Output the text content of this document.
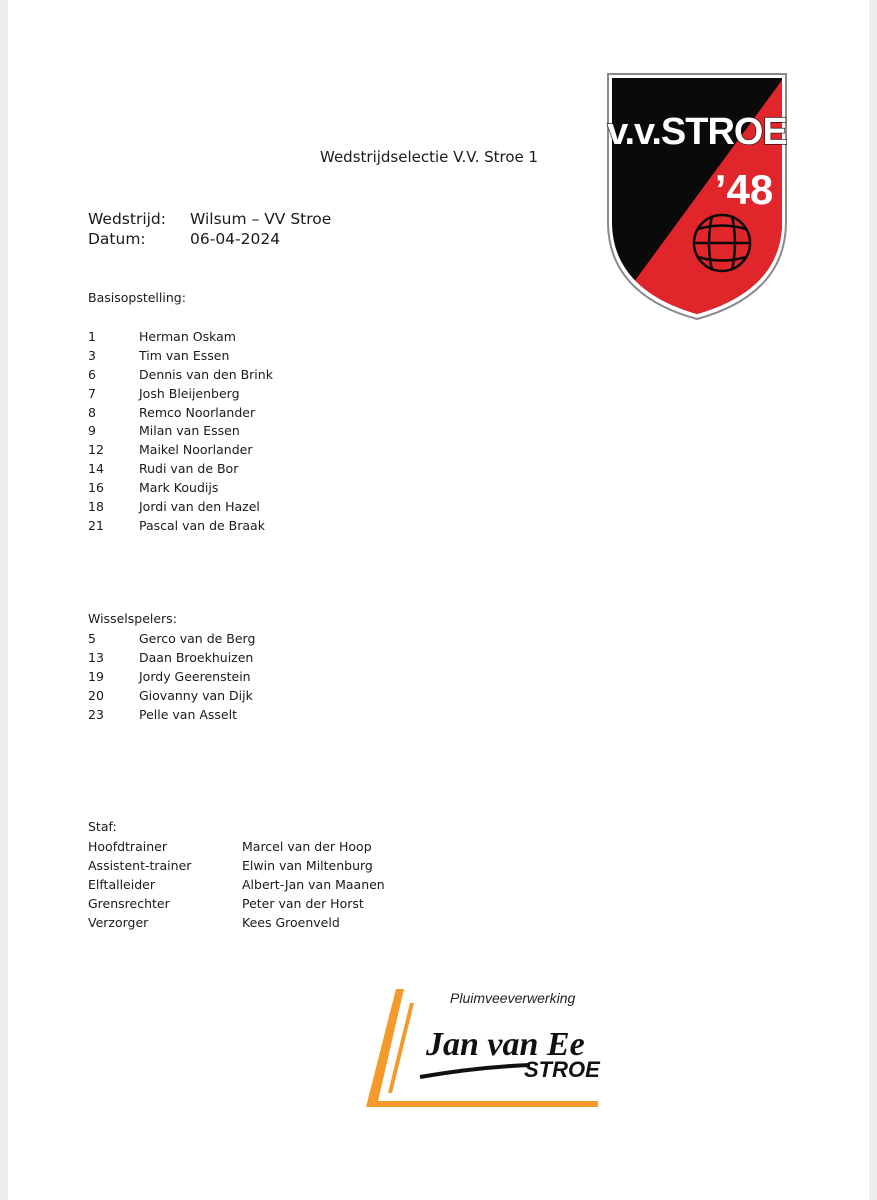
v.v.STROE
’48
Wedstrijdselectie V.V. Stroe 1
Wedstrijd:	Wilsum – VV Stroe
Datum:	06-04-2024
Basisopstelling:
1	Herman Oskam
3	Tim van Essen
6	Dennis van den Brink
7	Josh Bleijenberg
8	Remco Noorlander
9	Milan van Essen
12	Maikel Noorlander
14	Rudi van de Bor
16	Mark Koudijs
18	Jordi van den Hazel
21	Pascal van de Braak
Wisselspelers:
5	Gerco van de Berg
13	Daan Broekhuizen
19	Jordy Geerenstein
20	Giovanny van Dijk
23	Pelle van Asselt
Staf:
Hoofdtrainer	Marcel van der Hoop
Assistent-trainer	Elwin van Miltenburg
Elftalleider	Albert-Jan van Maanen
Grensrechter	Peter van der Horst
Verzorger	Kees Groenveld
Pluimveeverwerking
Jan van Ee
STROE
